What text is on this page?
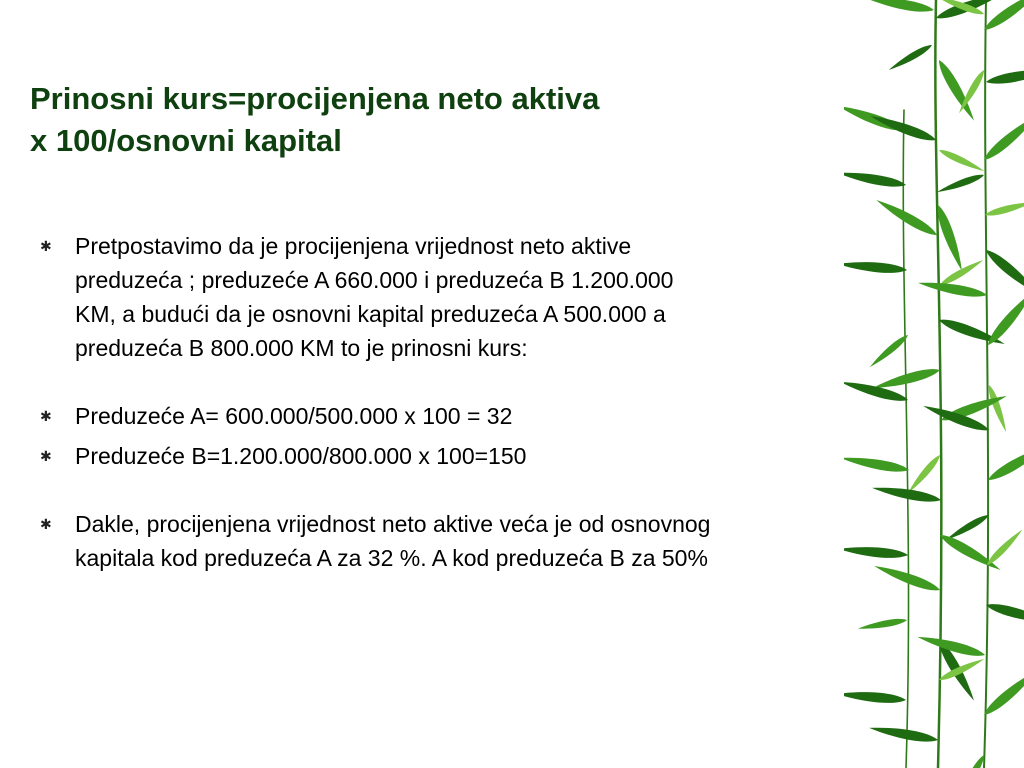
Prinosni kurs=procijenjena neto aktiva
x 100/osnovni kapital
✱ Pretpostavimo da je procijenjena vrijednost neto aktive
preduzeća ; preduzeće A 660.000 i preduzeća B 1.200.000
KM, a budući da je osnovni kapital preduzeća A 500.000 a
preduzeća B 800.000 KM to je prinosni kurs:
✱ Preduzeće A= 600.000/500.000 x 100 = 32
✱ Preduzeće B=1.200.000/800.000 x 100=150
✱ Dakle, procijenjena vrijednost neto aktive veća je od osnovnog
kapitala kod preduzeća A za 32 %. A kod preduzeća B za 50%
